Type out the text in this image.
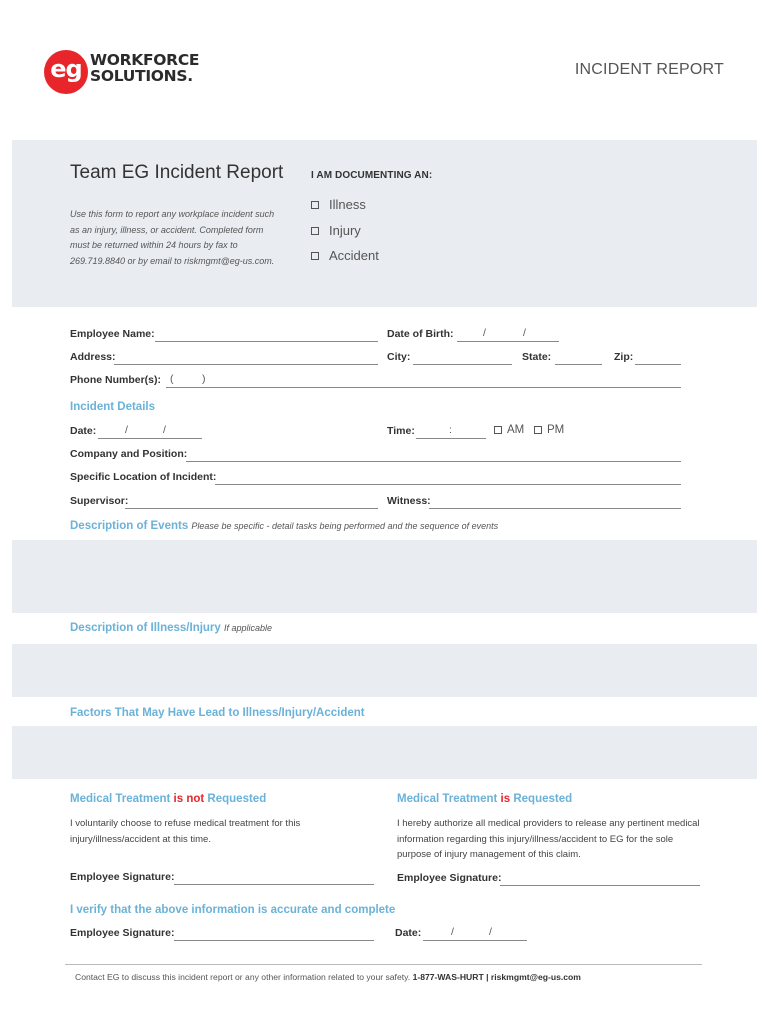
eg WORKFORCE
SOLUTIONS.	INCIDENT REPORT
Team EG Incident Report
Use this form to report any workplace incident such as an injury, illness, or accident. Completed form must be returned within 24 hours by fax to 269.719.8840 or by email to riskmgmt@eg-us.com.
I AM DOCUMENTING AN:
Illness
Injury
Accident
Employee Name:	Date of Birth:	/	/
Address:	City:	State:	Zip:
Phone Number(s): (	)
Incident Details
Date:	/	/	Time:	:	AM PM
Company and Position:
Specific Location of Incident:
Supervisor:	Witness:
Description of Events Please be specific - detail tasks being performed and the sequence of events
Description of Illness/Injury If applicable
Factors That May Have Lead to Illness/Injury/Accident
Medical Treatment is not Requested
I voluntarily choose to refuse medical treatment for this injury/illness/accident at this time.
Employee Signature:
Medical Treatment is Requested
I hereby authorize all medical providers to release any pertinent medical information regarding this injury/illness/accident to EG for the sole purpose of injury management of this claim.
Employee Signature:
I verify that the above information is accurate and complete
Employee Signature:	Date:	/	/
Contact EG to discuss this incident report or any other information related to your safety. 1-877-WAS-HURT | riskmgmt@eg-us.com
